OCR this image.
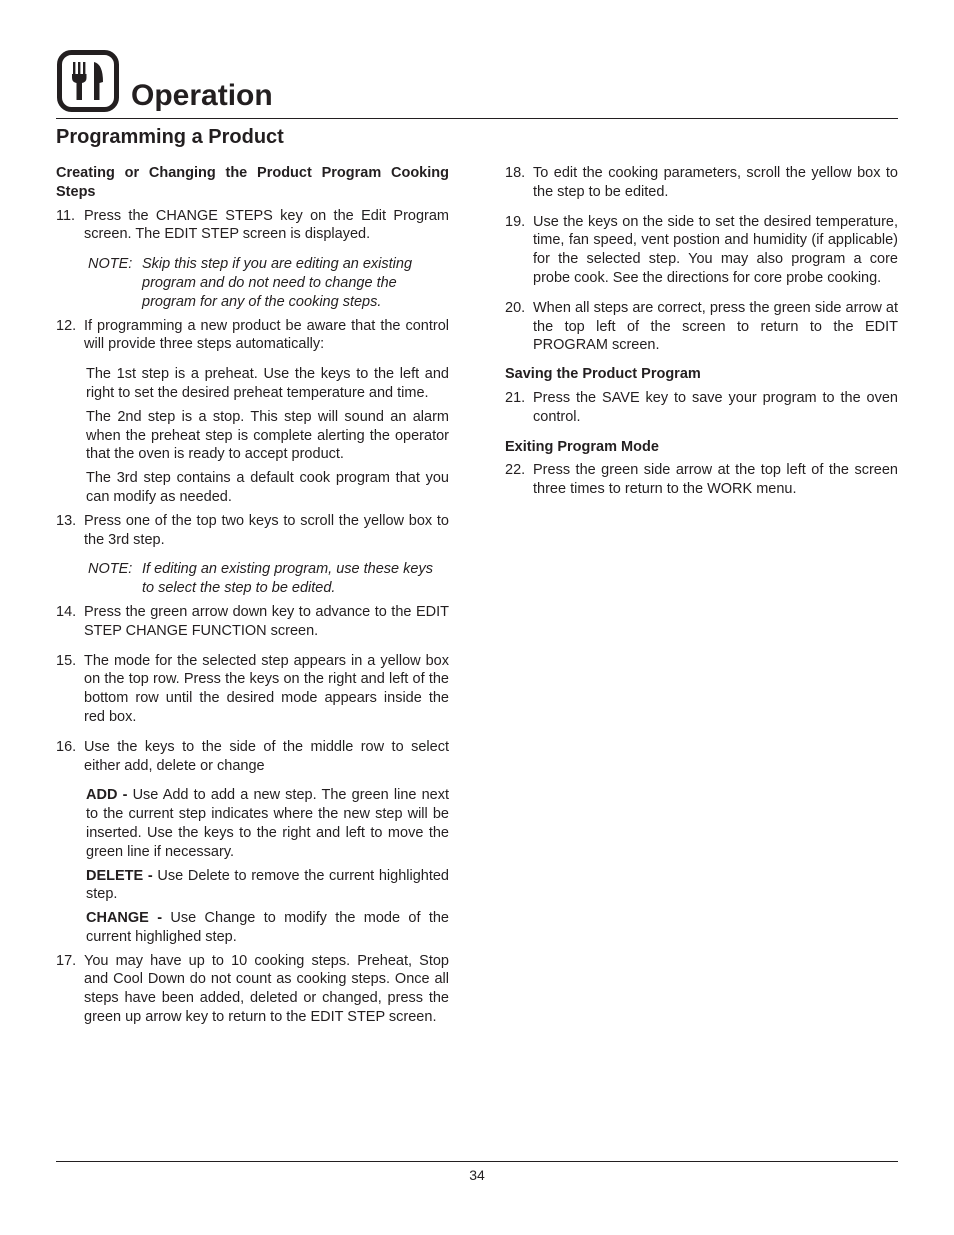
Operation
Programming a Product

Creating or Changing the Product Program Cooking Steps

11. Press the CHANGE STEPS key on the Edit Program screen. The EDIT STEP screen is displayed.
NOTE: Skip this step if you are editing an existing program and do not need to change the program for any of the cooking steps.
12. If programming a new product be aware that the control will provide three steps automatically:

The 1st step is a preheat. Use the keys to the left and right to set the desired preheat temperature and time.

The 2nd step is a stop. This step will sound an alarm when the preheat step is complete alerting the operator that the oven is ready to accept product.

The 3rd step contains a default cook program that you can modify as needed.

13. Press one of the top two keys to scroll the yellow box to the 3rd step.
NOTE: If editing an existing program, use these keys to select the step to be edited.
14. Press the green arrow down key to advance to the EDIT STEP CHANGE FUNCTION screen.
15. The mode for the selected step appears in a yellow box on the top row. Press the keys on the right and left of the bottom row until the desired mode appears inside the red box.
16. Use the keys to the side of the middle row to select either add, delete or change

ADD - Use Add to add a new step. The green line next to the current step indicates where the new step will be inserted. Use the keys to the right and left to move the green line if necessary.

DELETE - Use Delete to remove the current highlighted step.

CHANGE - Use Change to modify the mode of the current highlighed step.

17. You may have up to 10 cooking steps. Preheat, Stop and Cool Down do not count as cooking steps. Once all steps have been added, deleted or changed, press the green up arrow key to return to the EDIT STEP screen.
18. To edit the cooking parameters, scroll the yellow box to the step to be edited.
19. Use the keys on the side to set the desired temperature, time, fan speed, vent postion and humidity (if applicable) for the selected step. You may also program a core probe cook. See the directions for core probe cooking.
20. When all steps are correct, press the green side arrow at the top left of the screen to return to the EDIT PROGRAM screen.

Saving the Product Program

21. Press the SAVE key to save your program to the oven control.

Exiting Program Mode

22. Press the green side arrow at the top left of the screen three times to return to the WORK menu.
34
